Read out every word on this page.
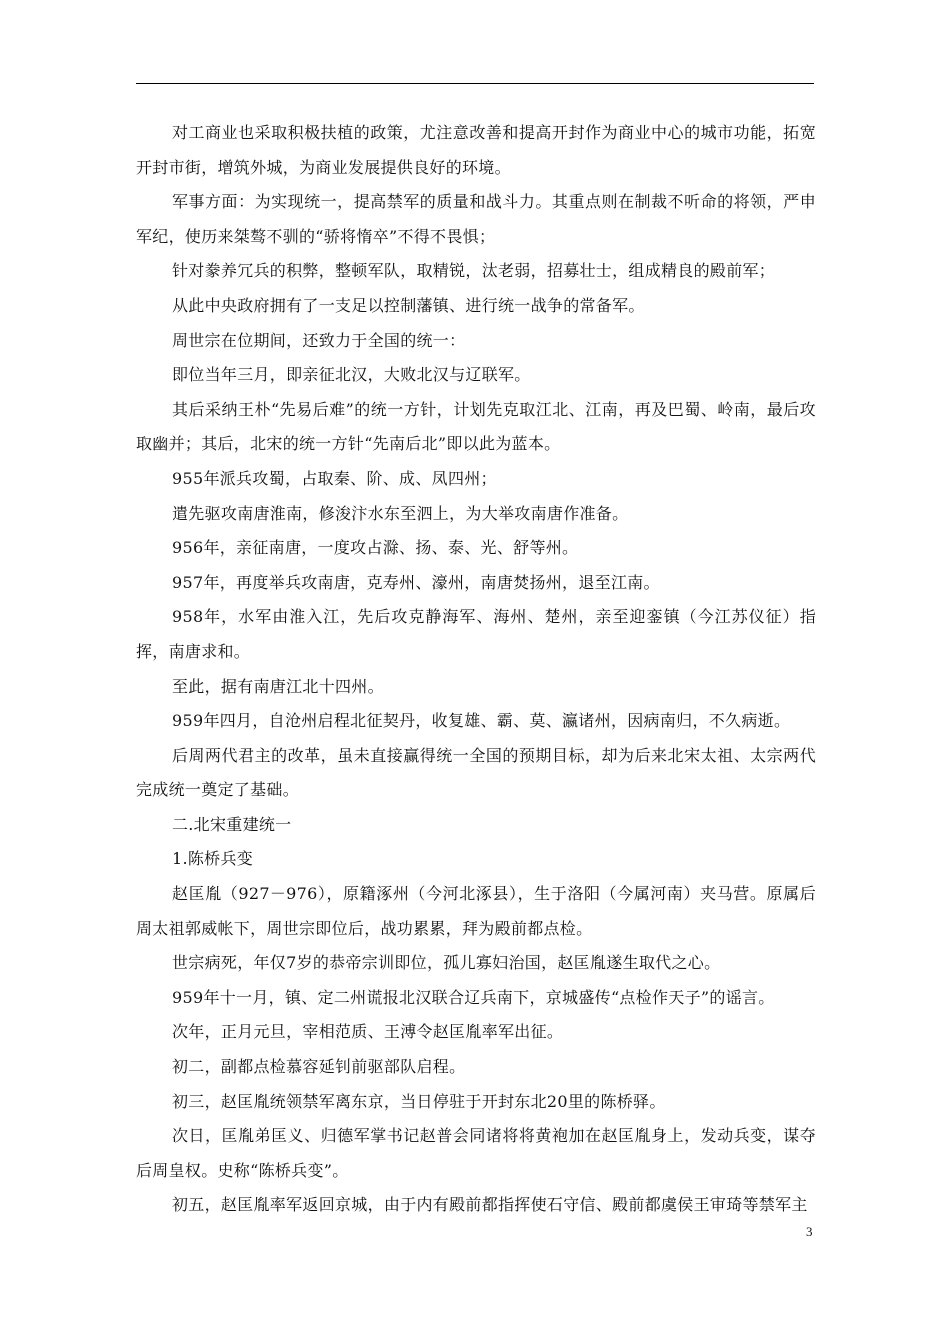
对工商业也采取积极扶植的政策，尤注意改善和提高开封作为商业中心的城市功能，拓宽开封市街，增筑外城，为商业发展提供良好的环境。

军事方面：为实现统一，提高禁军的质量和战斗力。其重点则在制裁不听命的将领，严申军纪，使历来桀骜不驯的“骄将惰卒”不得不畏惧；

针对豢养冗兵的积弊，整顿军队，取精锐，汰老弱，招募壮士，组成精良的殿前军；

从此中央政府拥有了一支足以控制藩镇、进行统一战争的常备军。

周世宗在位期间，还致力于全国的统一：

即位当年三月，即亲征北汉，大败北汉与辽联军。

其后采纳王朴“先易后难”的统一方针，计划先克取江北、江南，再及巴蜀、岭南，最后攻取幽并；其后，北宋的统一方针“先南后北”即以此为蓝本。

955年派兵攻蜀，占取秦、阶、成、凤四州；

遣先驱攻南唐淮南，修浚汴水东至泗上，为大举攻南唐作准备。

956年，亲征南唐，一度攻占滁、扬、泰、光、舒等州。

957年，再度举兵攻南唐，克寿州、濠州，南唐焚扬州，退至江南。

958年，水军由淮入江，先后攻克静海军、海州、楚州，亲至迎銮镇（今江苏仪征）指挥，南唐求和。

至此，据有南唐江北十四州。

959年四月，自沧州启程北征契丹，收复雄、霸、莫、瀛诸州，因病南归，不久病逝。

后周两代君主的改革，虽未直接赢得统一全国的预期目标，却为后来北宋太祖、太宗两代完成统一奠定了基础。

二.北宋重建统一

1.陈桥兵变

赵匡胤（927－976），原籍涿州（今河北涿县），生于洛阳（今属河南）夹马营。原属后周太祖郭威帐下，周世宗即位后，战功累累，拜为殿前都点检。

世宗病死，年仅7岁的恭帝宗训即位，孤儿寡妇治国，赵匡胤遂生取代之心。

959年十一月，镇、定二州谎报北汉联合辽兵南下，京城盛传“点检作天子”的谣言。

次年，正月元旦，宰相范质、王溥令赵匡胤率军出征。

初二，副都点检慕容延钊前驱部队启程。

初三，赵匡胤统领禁军离东京，当日停驻于开封东北20里的陈桥驿。

次日，匡胤弟匡义、归德军掌书记赵普会同诸将将黄袍加在赵匡胤身上，发动兵变，谋夺后周皇权。史称“陈桥兵变”。

初五，赵匡胤率军返回京城，由于内有殿前都指挥使石守信、殿前都虞侯王审琦等禁军主

3
